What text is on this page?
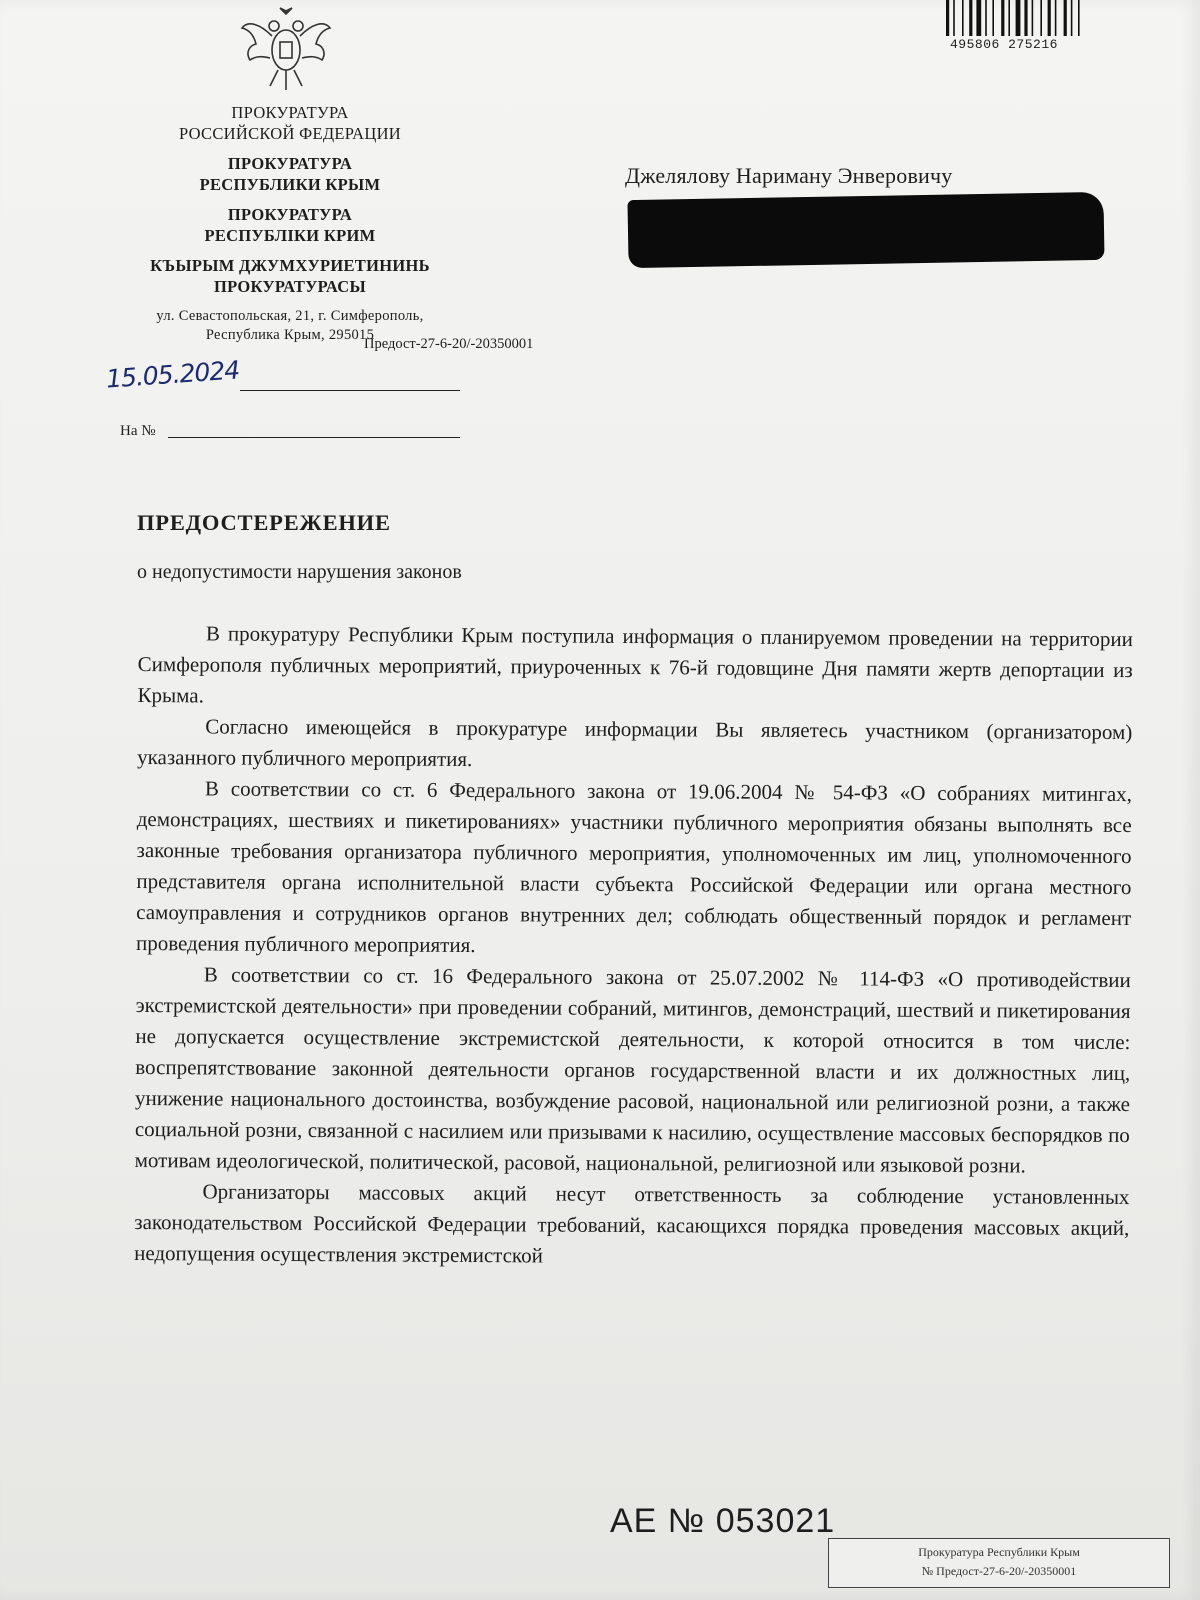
ПРОКУРАТУРА
РОССИЙСКОЙ ФЕДЕРАЦИИ
ПРОКУРАТУРА
РЕСПУБЛИКИ КРЫМ
ПРОКУРАТУРА
РЕСПУБЛІКИ КРИМ
КЪЫРЫМ ДЖУМХУРИЕТИНИНЬ
ПРОКУРАТУРАСЫ
ул. Севастопольская, 21, г. Симферополь,
Республика Крым, 295015
Предост-27-6-20/-20350001
15.05.2024
На №
495806 275216
Джелялову Нариману Энверовичу
ПРЕДОСТЕРЕЖЕНИЕ
о недопустимости нарушения законов

В прокуратуру Республики Крым поступила информация о планируемом проведении на территории Симферополя публичных мероприятий, приуроченных к 76-й годовщине Дня памяти жертв депортации из Крыма.

Согласно имеющейся в прокуратуре информации Вы являетесь участником (организатором) указанного публичного мероприятия.

В соответствии со ст. 6 Федерального закона от 19.06.2004 № 54-ФЗ «О собраниях митингах, демонстрациях, шествиях и пикетированиях» участники публичного мероприятия обязаны выполнять все законные требования организатора публичного мероприятия, уполномоченных им лиц, уполномоченного представителя органа исполнительной власти субъекта Российской Федерации или органа местного самоуправления и сотрудников органов внутренних дел; соблюдать общественный порядок и регламент проведения публичного мероприятия.

В соответствии со ст. 16 Федерального закона от 25.07.2002 № 114-ФЗ «О противодействии экстремистской деятельности» при проведении собраний, митингов, демонстраций, шествий и пикетирования не допускается осуществление экстремистской деятельности, к которой относится в том числе: воспрепятствование законной деятельности органов государственной власти и их должностных лиц, унижение национального достоинства, возбуждение расовой, национальной или религиозной розни, а также социальной розни, связанной с насилием или призывами к насилию, осуществление массовых беспорядков по мотивам идеологической, политической, расовой, национальной, религиозной или языковой розни.

Организаторы массовых акций несут ответственность за соблюдение установленных законодательством Российской Федерации требований, касающихся порядка проведения массовых акций, недопущения осуществления экстремистской

АЕ № 053021
Прокуратура Республики Крым
№ Предост-27-6-20/-20350001
